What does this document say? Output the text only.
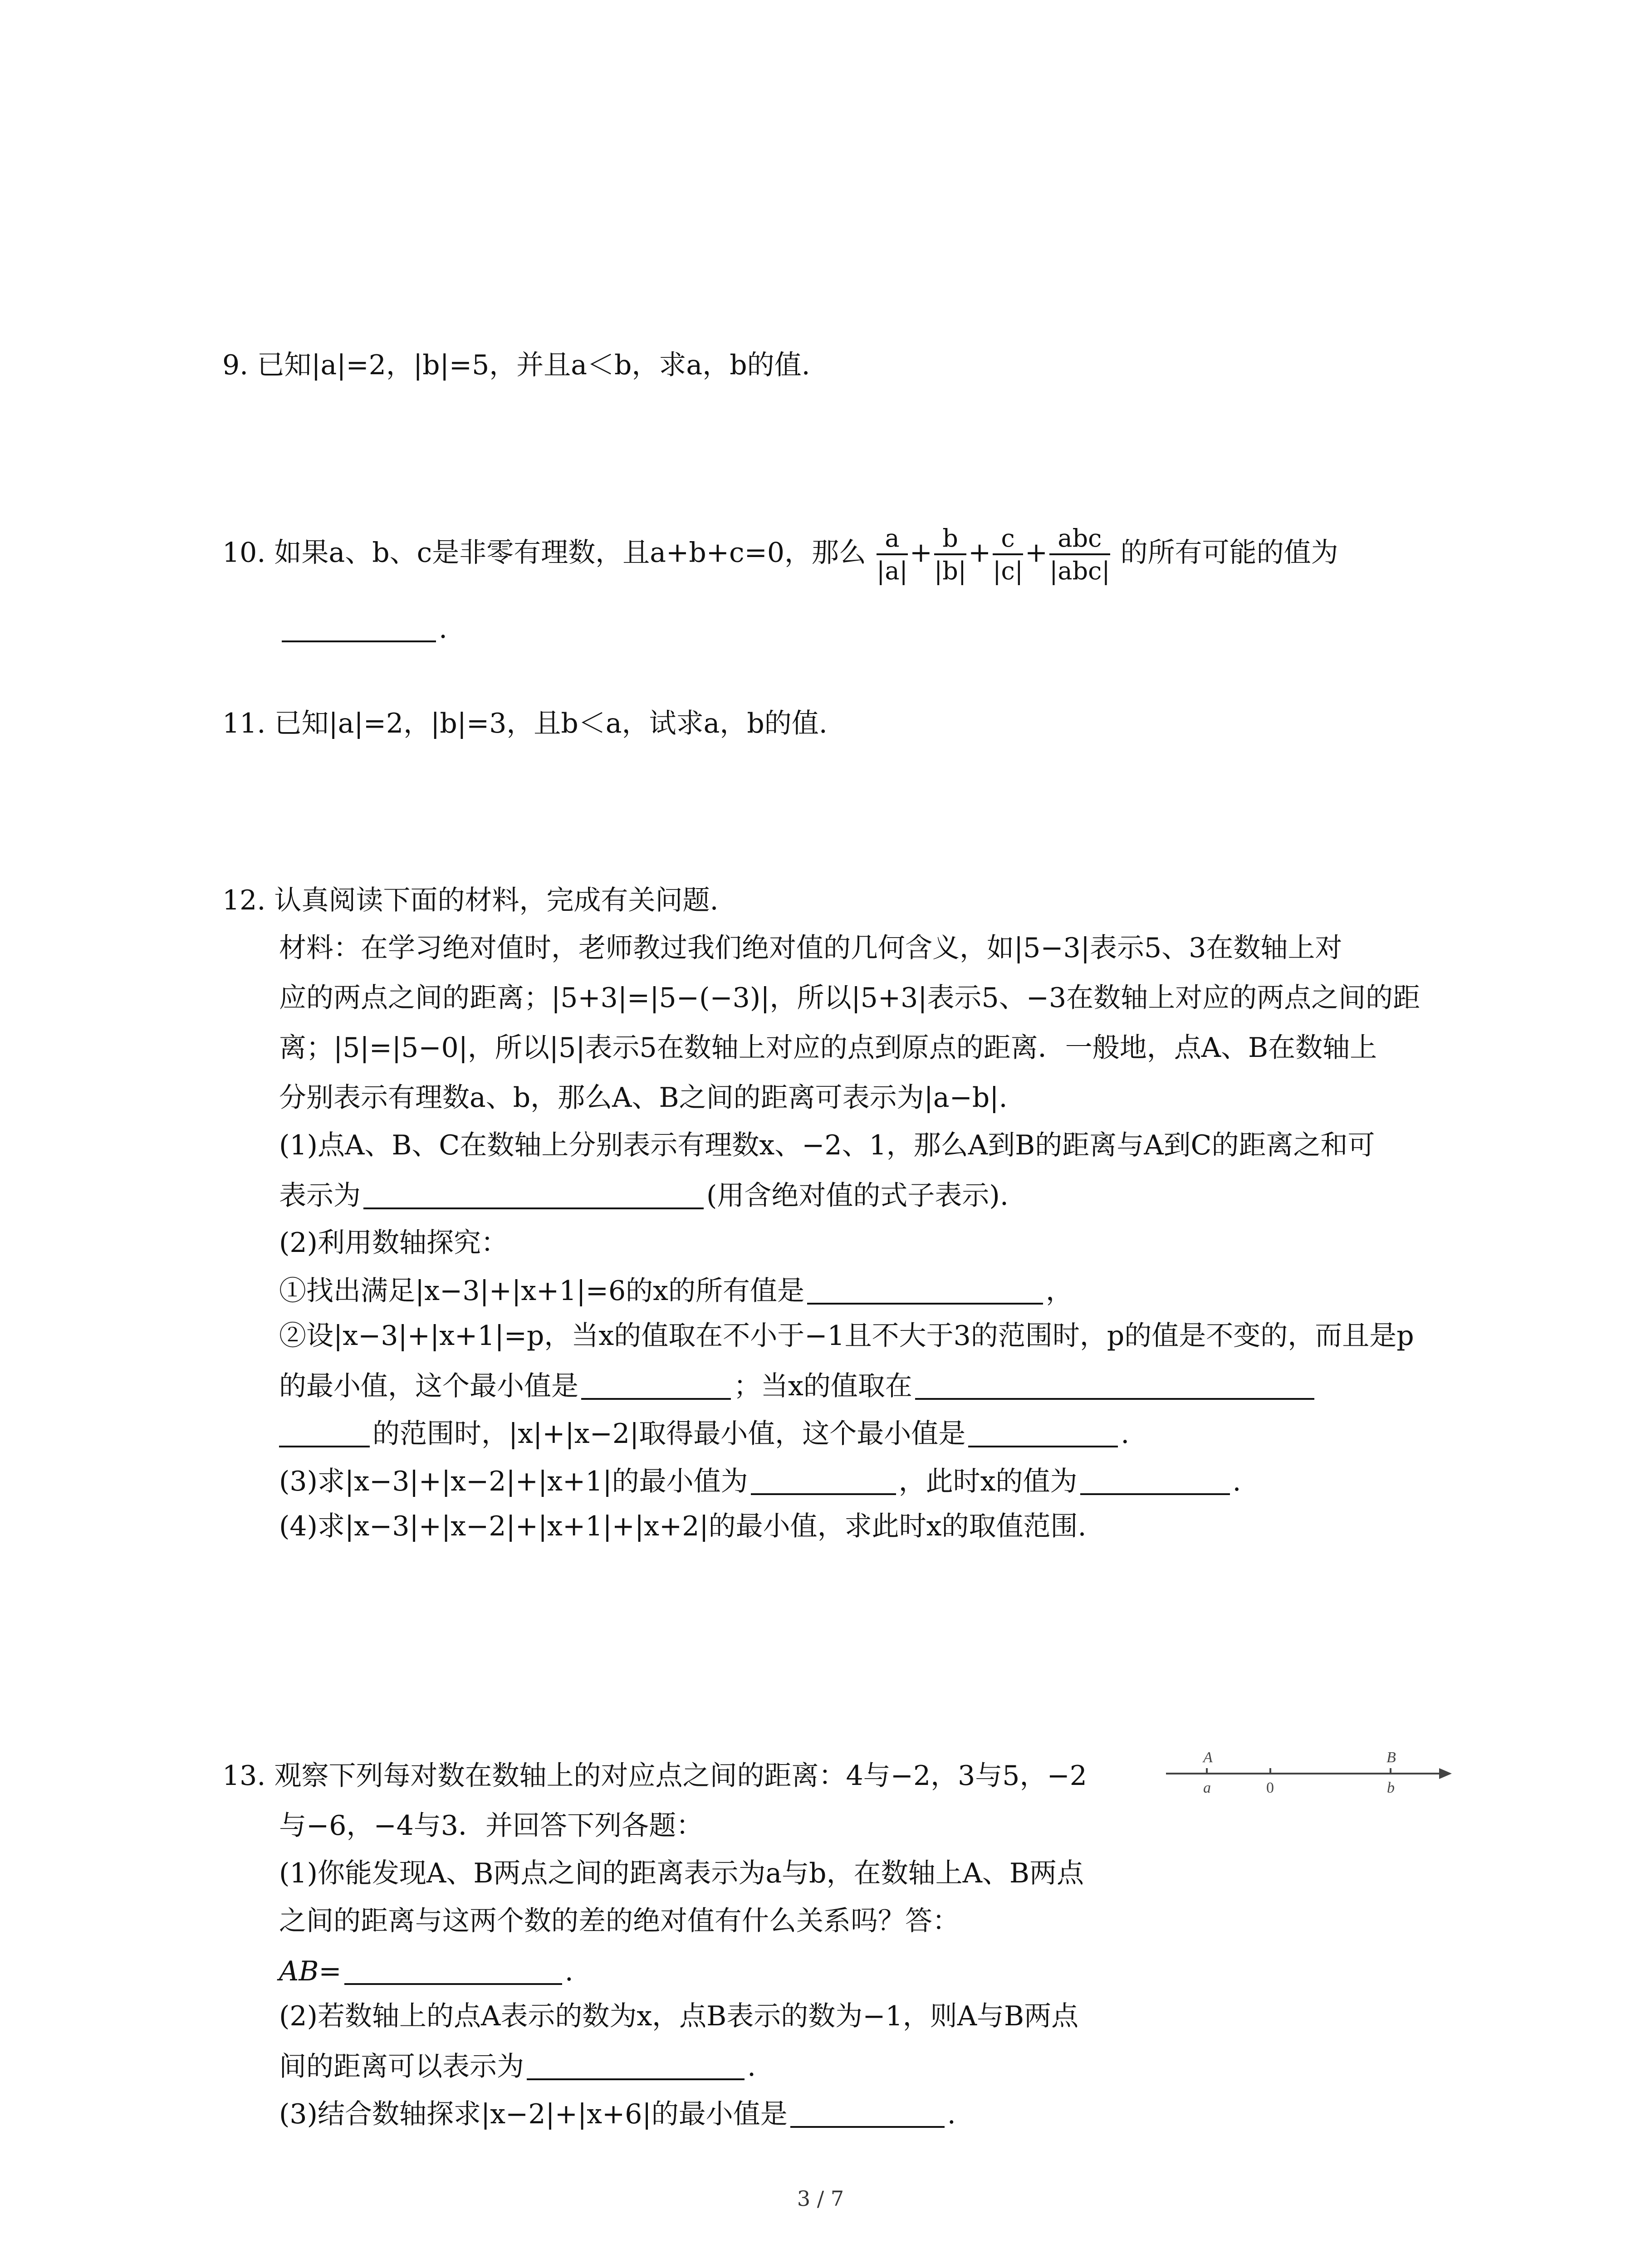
9. 已知|a|=2，|b|=5，并且a＜b，求a，b的值.
10. 如果a、b、c是非零有理数，且a+b+c=0，那么 $\frac{a}{|a|} + \frac{b}{|b|} + \frac{c}{|c|} + \frac{\text{abc}}{\text{|abc|}}$ 的所有可能的值为
.
11. 已知|a|=2，|b|=3，且b＜a，试求a，b的值.
12. 认真阅读下面的材料，完成有关问题.
材料：在学习绝对值时，老师教过我们绝对值的几何含义，如|5−3|表示5、3在数轴上对
应的两点之间的距离；|5+3|=|5−(−3)|，所以|5+3|表示5、−3在数轴上对应的两点之间的距
离；|5|=|5−0|，所以|5|表示5在数轴上对应的点到原点的距离．一般地，点A、B在数轴上
分别表示有理数a、b，那么A、B之间的距离可表示为|a−b|.
(1)点A、B、C在数轴上分别表示有理数x、−2、1，那么A到B的距离与A到C的距离之和可
表示为	(用含绝对值的式子表示).
(2)利用数轴探究：
①找出满足|x−3|+|x+1|=6的x的所有值是	，
②设|x−3|+|x+1|=p，当x的值取在不小于−1且不大于3的范围时，p的值是不变的，而且是p
的最小值，这个最小值是	；当x的值取在
的范围时，|x|+|x−2|取得最小值，这个最小值是	.
(3)求|x−3|+|x−2|+|x+1|的最小值为	，此时x的值为	.
(4)求|x−3|+|x−2|+|x+1|+|x+2|的最小值，求此时x的取值范围.
13. 观察下列每对数在数轴上的对应点之间的距离：4与−2，3与5，−2
与−6，−4与3．并回答下列各题：
(1)你能发现A、B两点之间的距离表示为a与b，在数轴上A、B两点
之间的距离与这两个数的差的绝对值有什么关系吗？答：
AB=	.
(2)若数轴上的点A表示的数为x，点B表示的数为−1，则A与B两点
间的距离可以表示为	.
(3)结合数轴探求|x−2|+|x+6|的最小值是	.
A
a	0
B
b
3 / 7
